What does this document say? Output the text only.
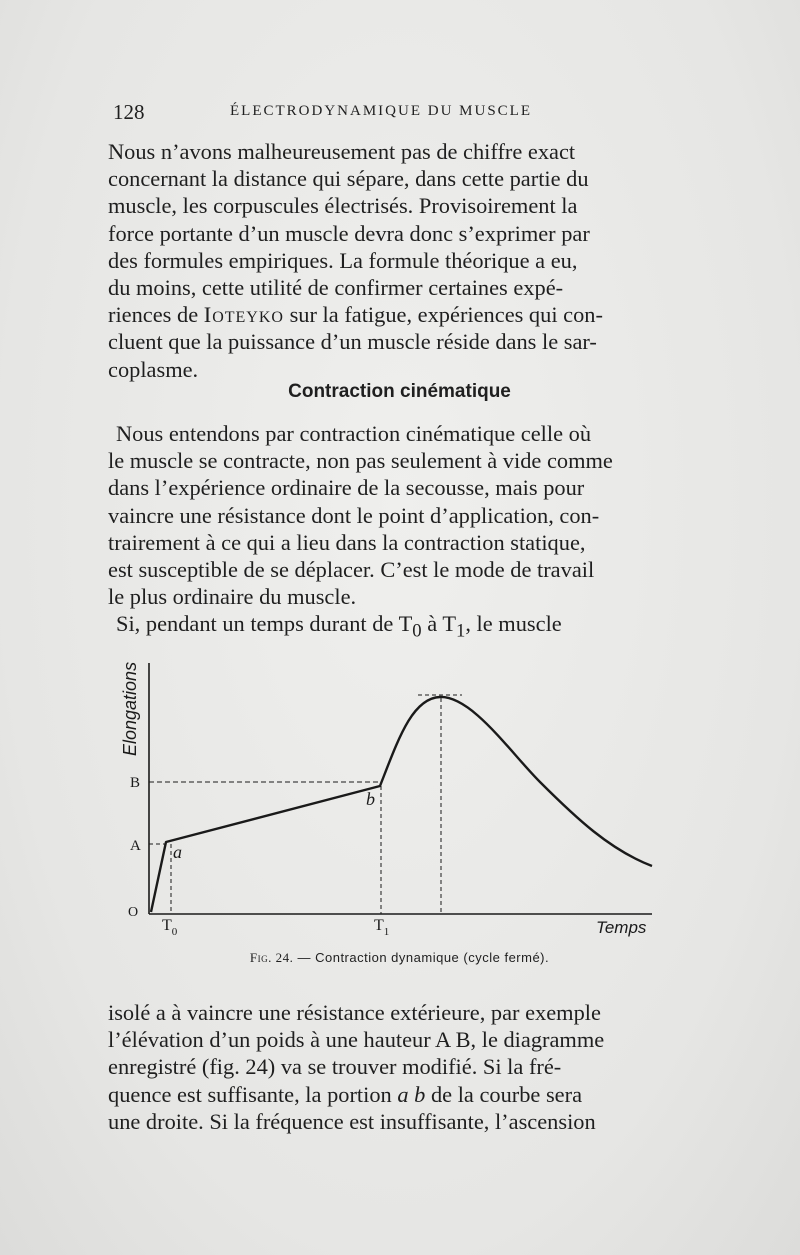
128	ÉLECTRODYNAMIQUE DU MUSCLE

Nous n’avons malheureusement pas de chiffre exact

concernant la distance qui sépare, dans cette partie du

muscle, les corpuscules électrisés. Provisoirement la

force portante d’un muscle devra donc s’exprimer par

des formules empiriques. La formule théorique a eu,

du moins, cette utilité de confirmer certaines expé-

riences de Ioteyko sur la fatigue, expériences qui con-

cluent que la puissance d’un muscle réside dans le sar-

coplasme.

Contraction cinématique

Nous entendons par contraction cinématique celle où

le muscle se contracte, non pas seulement à vide comme

dans l’expérience ordinaire de la secousse, mais pour

vaincre une résistance dont le point d’application, con-

trairement à ce qui a lieu dans la contraction statique,

est susceptible de se déplacer. C’est le mode de travail

le plus ordinaire du muscle.

Si, pendant un temps durant de $T_0$ à $T_1$, le muscle

Elongations
B
A
O
a
b
$T_0$	$T_1$	Temps
Fig. 24. — Contraction dynamique (cycle fermé).

isolé a à vaincre une résistance extérieure, par exemple

l’élévation d’un poids à une hauteur A B, le diagramme

enregistré (fig. 24) va se trouver modifié. Si la fré-

quence est suffisante, la portion a b de la courbe sera

une droite. Si la fréquence est insuffisante, l’ascension
